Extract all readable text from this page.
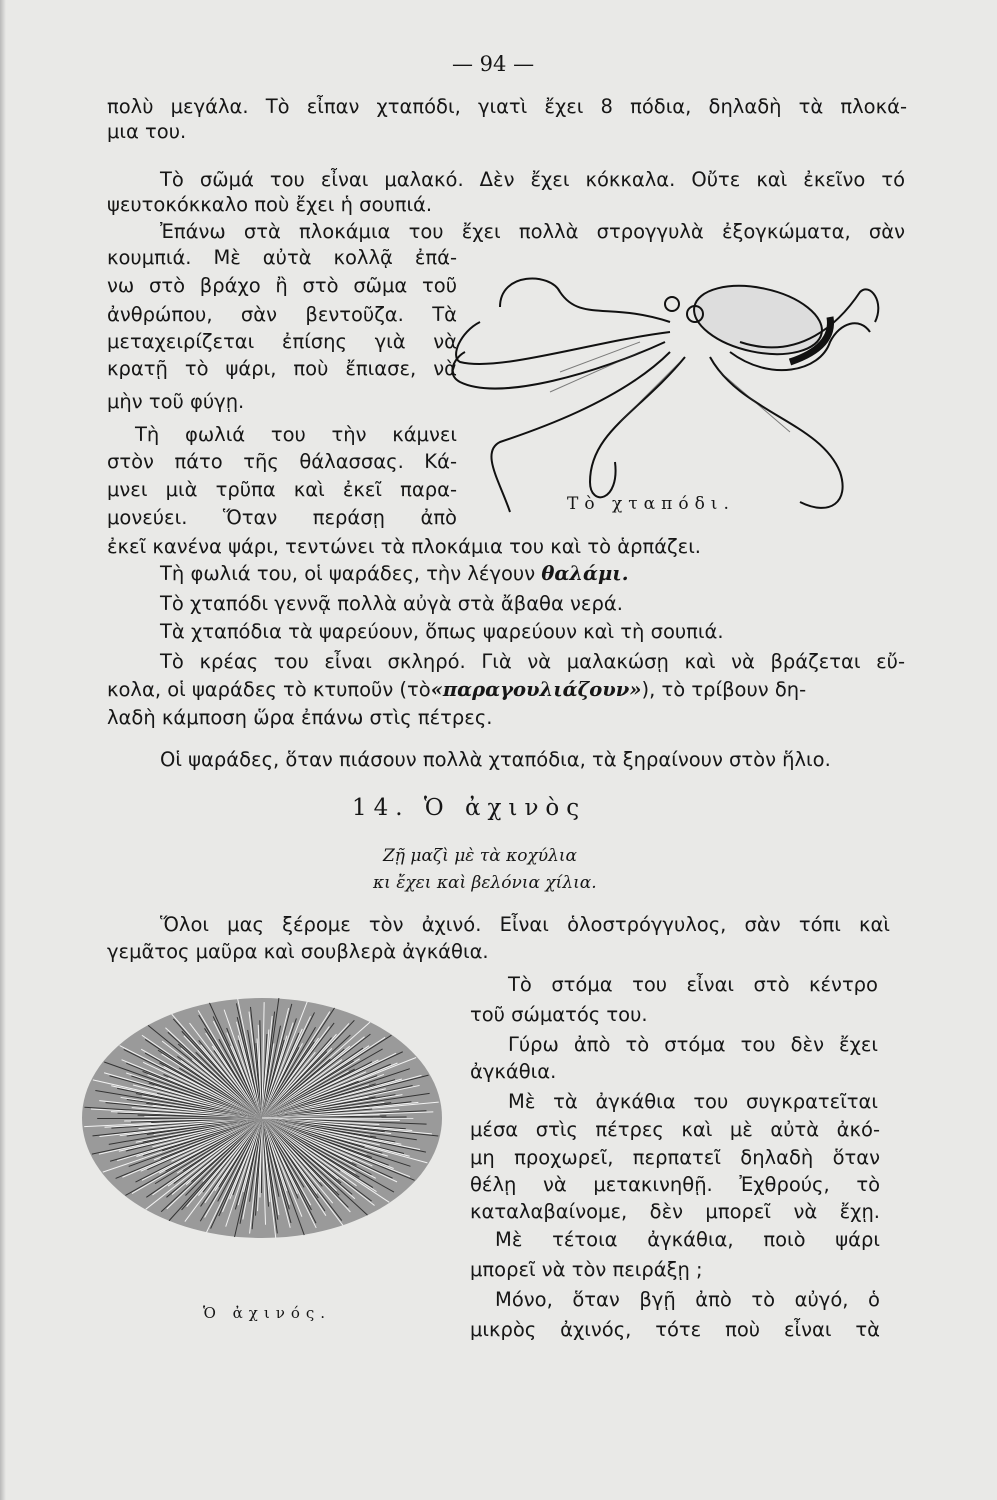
— 94 —
πολὺ μεγάλα. Τὸ εἶπαν χταπόδι, γιατὶ ἔχει 8 πόδια, δηλαδὴ τὰ πλοκά-
μια του.
Τὸ σῶμά του εἶναι μαλακό. Δὲν ἔχει κόκκαλα. Οὔτε καὶ ἐκεῖνο τό
ψευτοκόκκαλο ποὺ ἔχει ἡ σουπιά.
Ἐπάνω στὰ πλοκάμια του ἔχει πολλὰ στρογγυλὰ ἐξογκώματα, σὰν
κουμπιά. Μὲ αὐτὰ κολλᾷ ἐπά-
νω στὸ βράχο ἢ στὸ σῶμα τοῦ
ἀνθρώπου, σὰν βεντοῦζα. Τὰ
μεταχειρίζεται ἐπίσης γιὰ νὰ
κρατῇ τὸ ψάρι, ποὺ ἔπιασε, νὰ
μὴν τοῦ φύγῃ.
Τὴ φωλιά του τὴν κάμνει
στὸν πάτο τῆς θάλασσας. Κά-
μνει μιὰ τρῦπα καὶ ἐκεῖ παρα-
μονεύει. Ὅταν περάσῃ ἀπὸ
ἐκεῖ κανένα ψάρι, τεντώνει τὰ πλοκάμια του καὶ τὸ ἁρπάζει.
Τὴ φωλιά του, οἱ ψαράδες, τὴν λέγουν θαλάμι.
Τὸ χταπόδι γεννᾷ πολλὰ αὐγὰ στὰ ἄβαθα νερά.
Τὰ χταπόδια τὰ ψαρεύουν, ὅπως ψαρεύουν καὶ τὴ σουπιά.
Τὸ κρέας του εἶναι σκληρό. Γιὰ νὰ μαλακώσῃ καὶ νὰ βράζεται εὔ-
κολα, οἱ ψαράδες τὸ κτυποῦν (τὸ«παραγουλιάζουν»), τὸ τρίβουν δη-
λαδὴ κάμποση ὥρα ἐπάνω στὶς πέτρες.
Οἱ ψαράδες, ὅταν πιάσουν πολλὰ χταπόδια, τὰ ξηραίνουν στὸν ἥλιο.
Τὸ χταπόδι.
14. Ὁ ἀχινὸς
Ζῇ μαζὶ μὲ τὰ κοχύλια
κι ἔχει καὶ βελόνια χίλια.
Ὅλοι μας ξέρομε τὸν ἀχινό. Εἶναι ὁλοστρόγγυλος, σὰν τόπι καὶ
γεμᾶτος μαῦρα καὶ σουβλερὰ ἀγκάθια.
Τὸ στόμα του εἶναι στὸ κέντρο
τοῦ σώματός του.
Γύρω ἀπὸ τὸ στόμα του δὲν ἔχει
ἀγκάθια.
Μὲ τὰ ἀγκάθια του συγκρατεῖται
μέσα στὶς πέτρες καὶ μὲ αὐτὰ ἀκό-
μη προχωρεῖ, περπατεῖ δηλαδὴ ὅταν
θέλῃ νὰ μετακινηθῇ. Ἐχθρούς, τὸ
καταλαβαίνομε, δὲν μπορεῖ νὰ ἔχῃ.
Μὲ τέτοια ἀγκάθια, ποιὸ ψάρι
μπορεῖ νὰ τὸν πειράξῃ ;
Μόνο, ὅταν βγῇ ἀπὸ τὸ αὐγό, ὁ
μικρὸς ἀχινός, τότε ποὺ εἶναι τὰ
Ὁ ἀχινός.
